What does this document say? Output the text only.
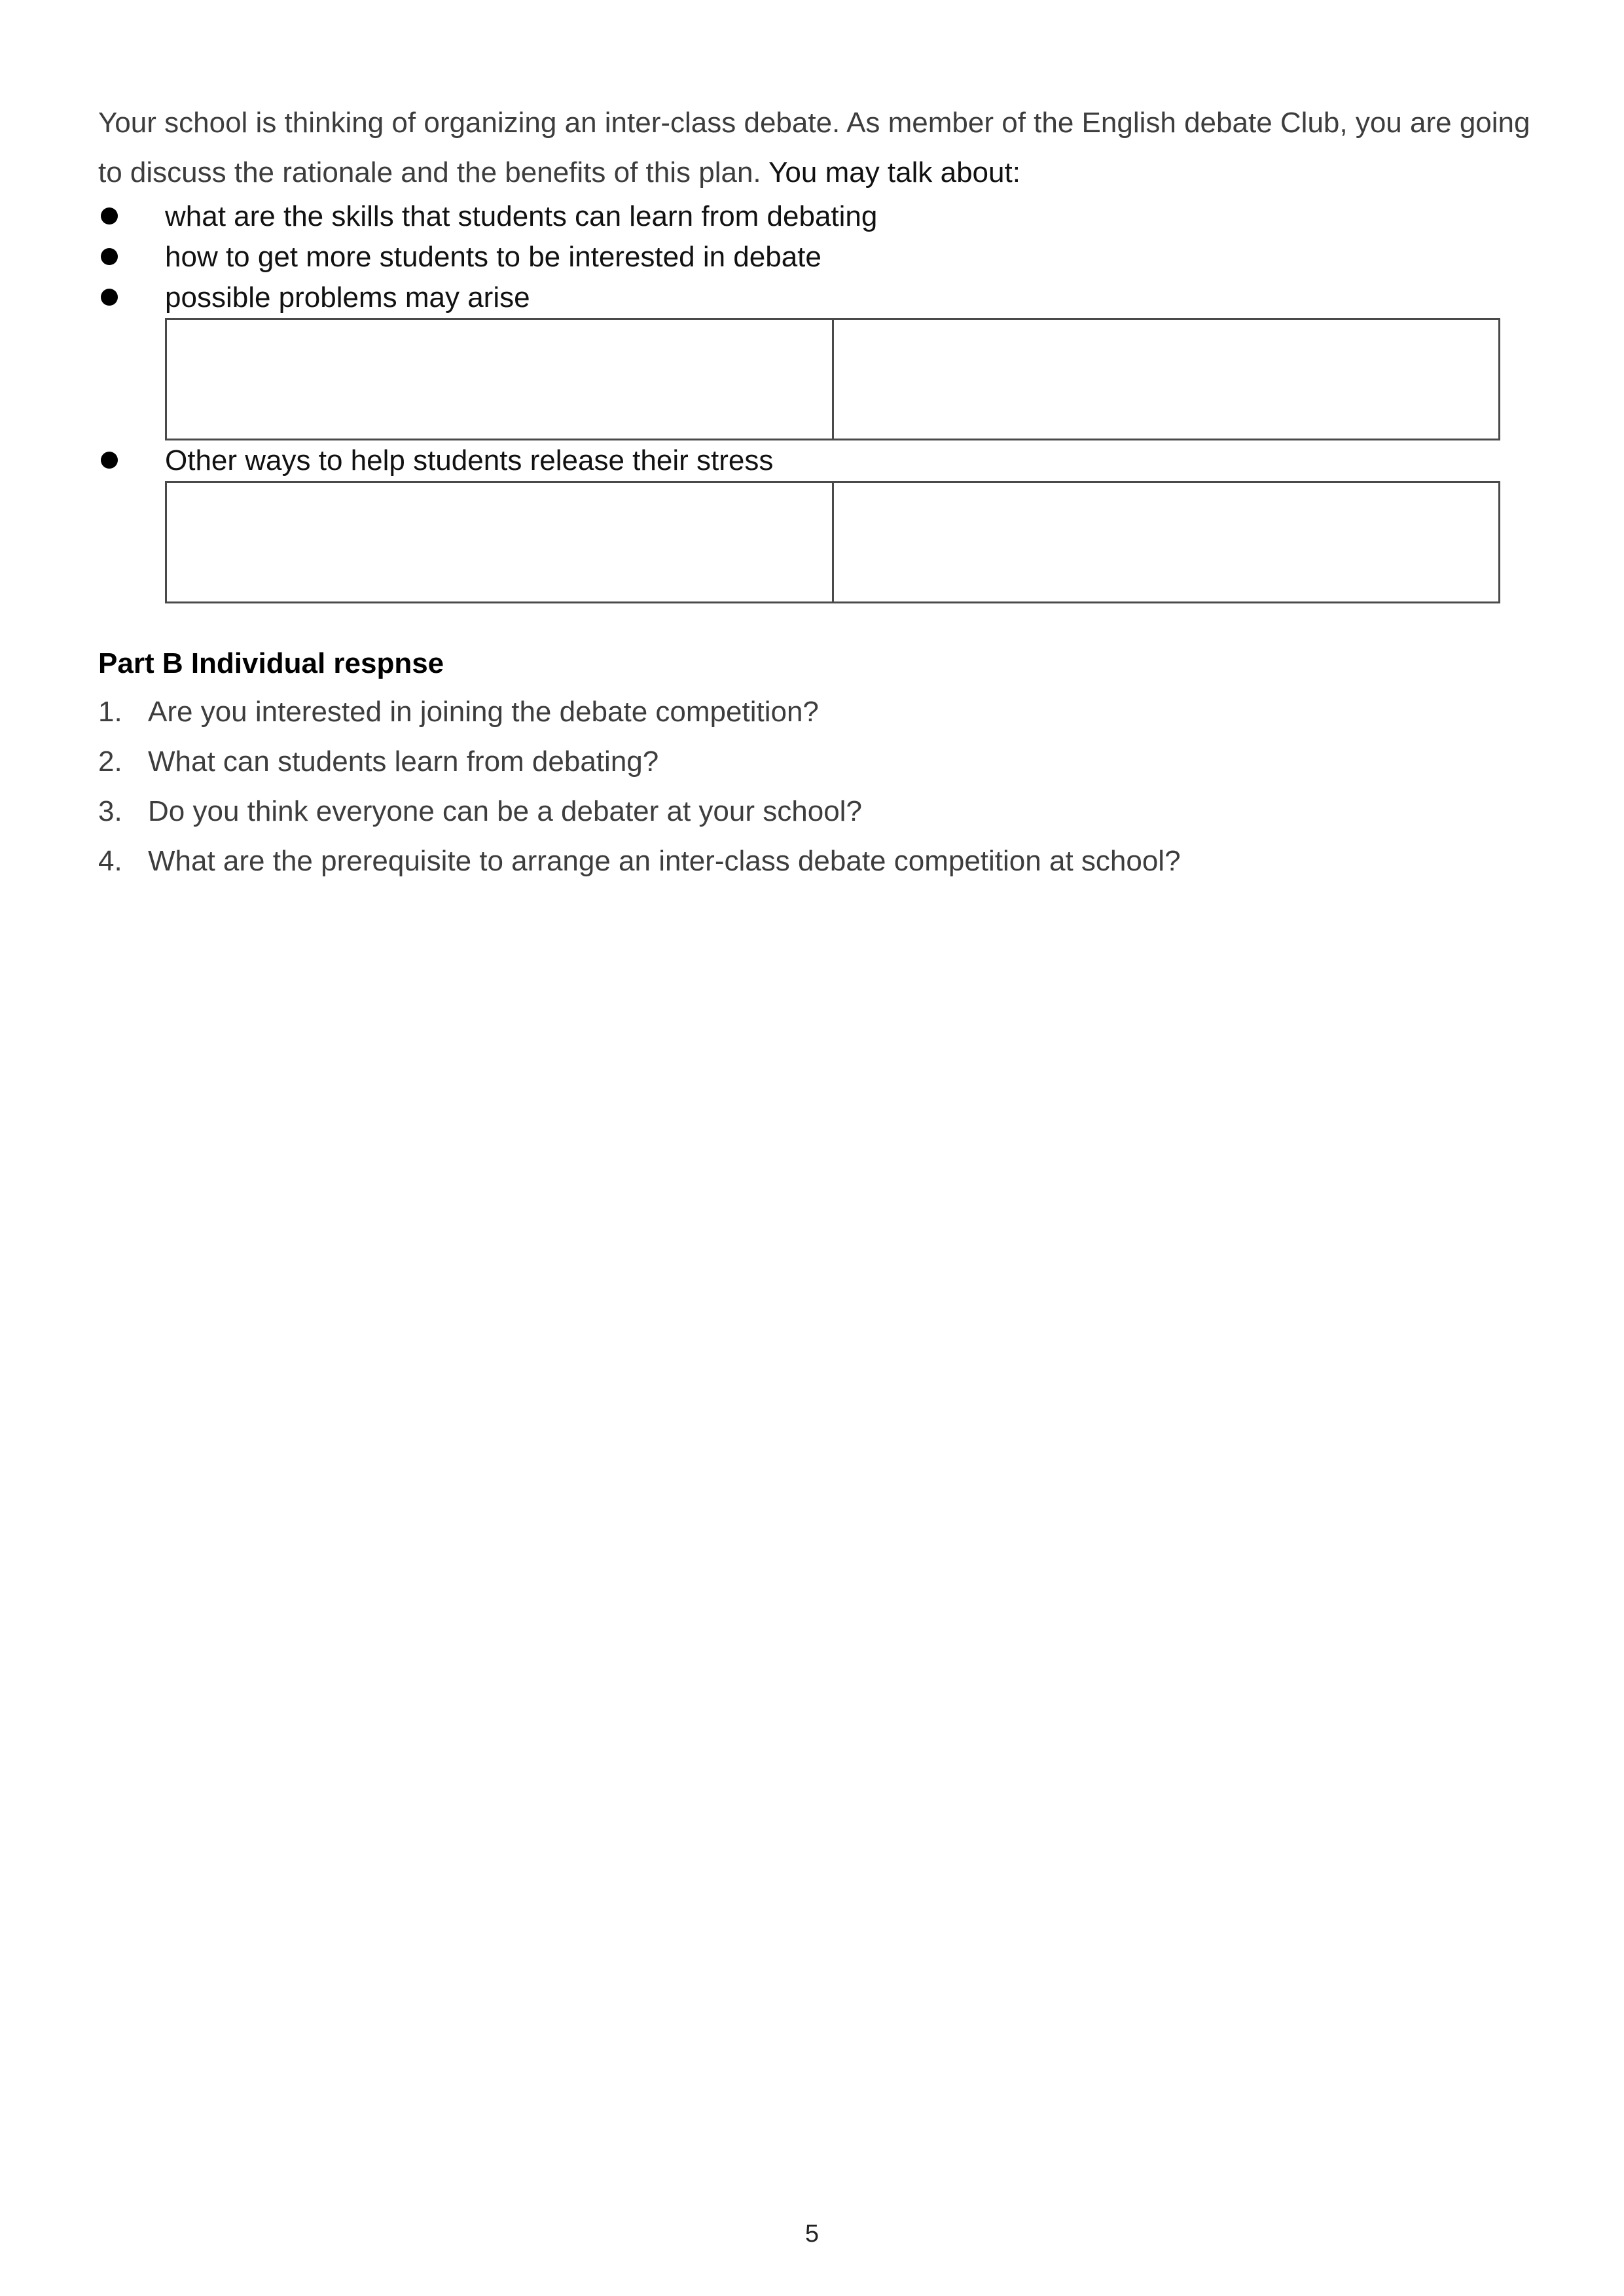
Your school is thinking of organizing an inter-class debate. As member of the English debate Club, you are going to discuss the rationale and the benefits of this plan. You may talk about:

what are the skills that students can learn from debating
how to get more students to be interested in debate
possible problems may arise

Other ways to help students release their stress

Part B Individual respnse
1. Are you interested in joining the debate competition?
2. What can students learn from debating?
3. Do you think everyone can be a debater at your school?
4. What are the prerequisite to arrange an inter-class debate competition at school?
5
